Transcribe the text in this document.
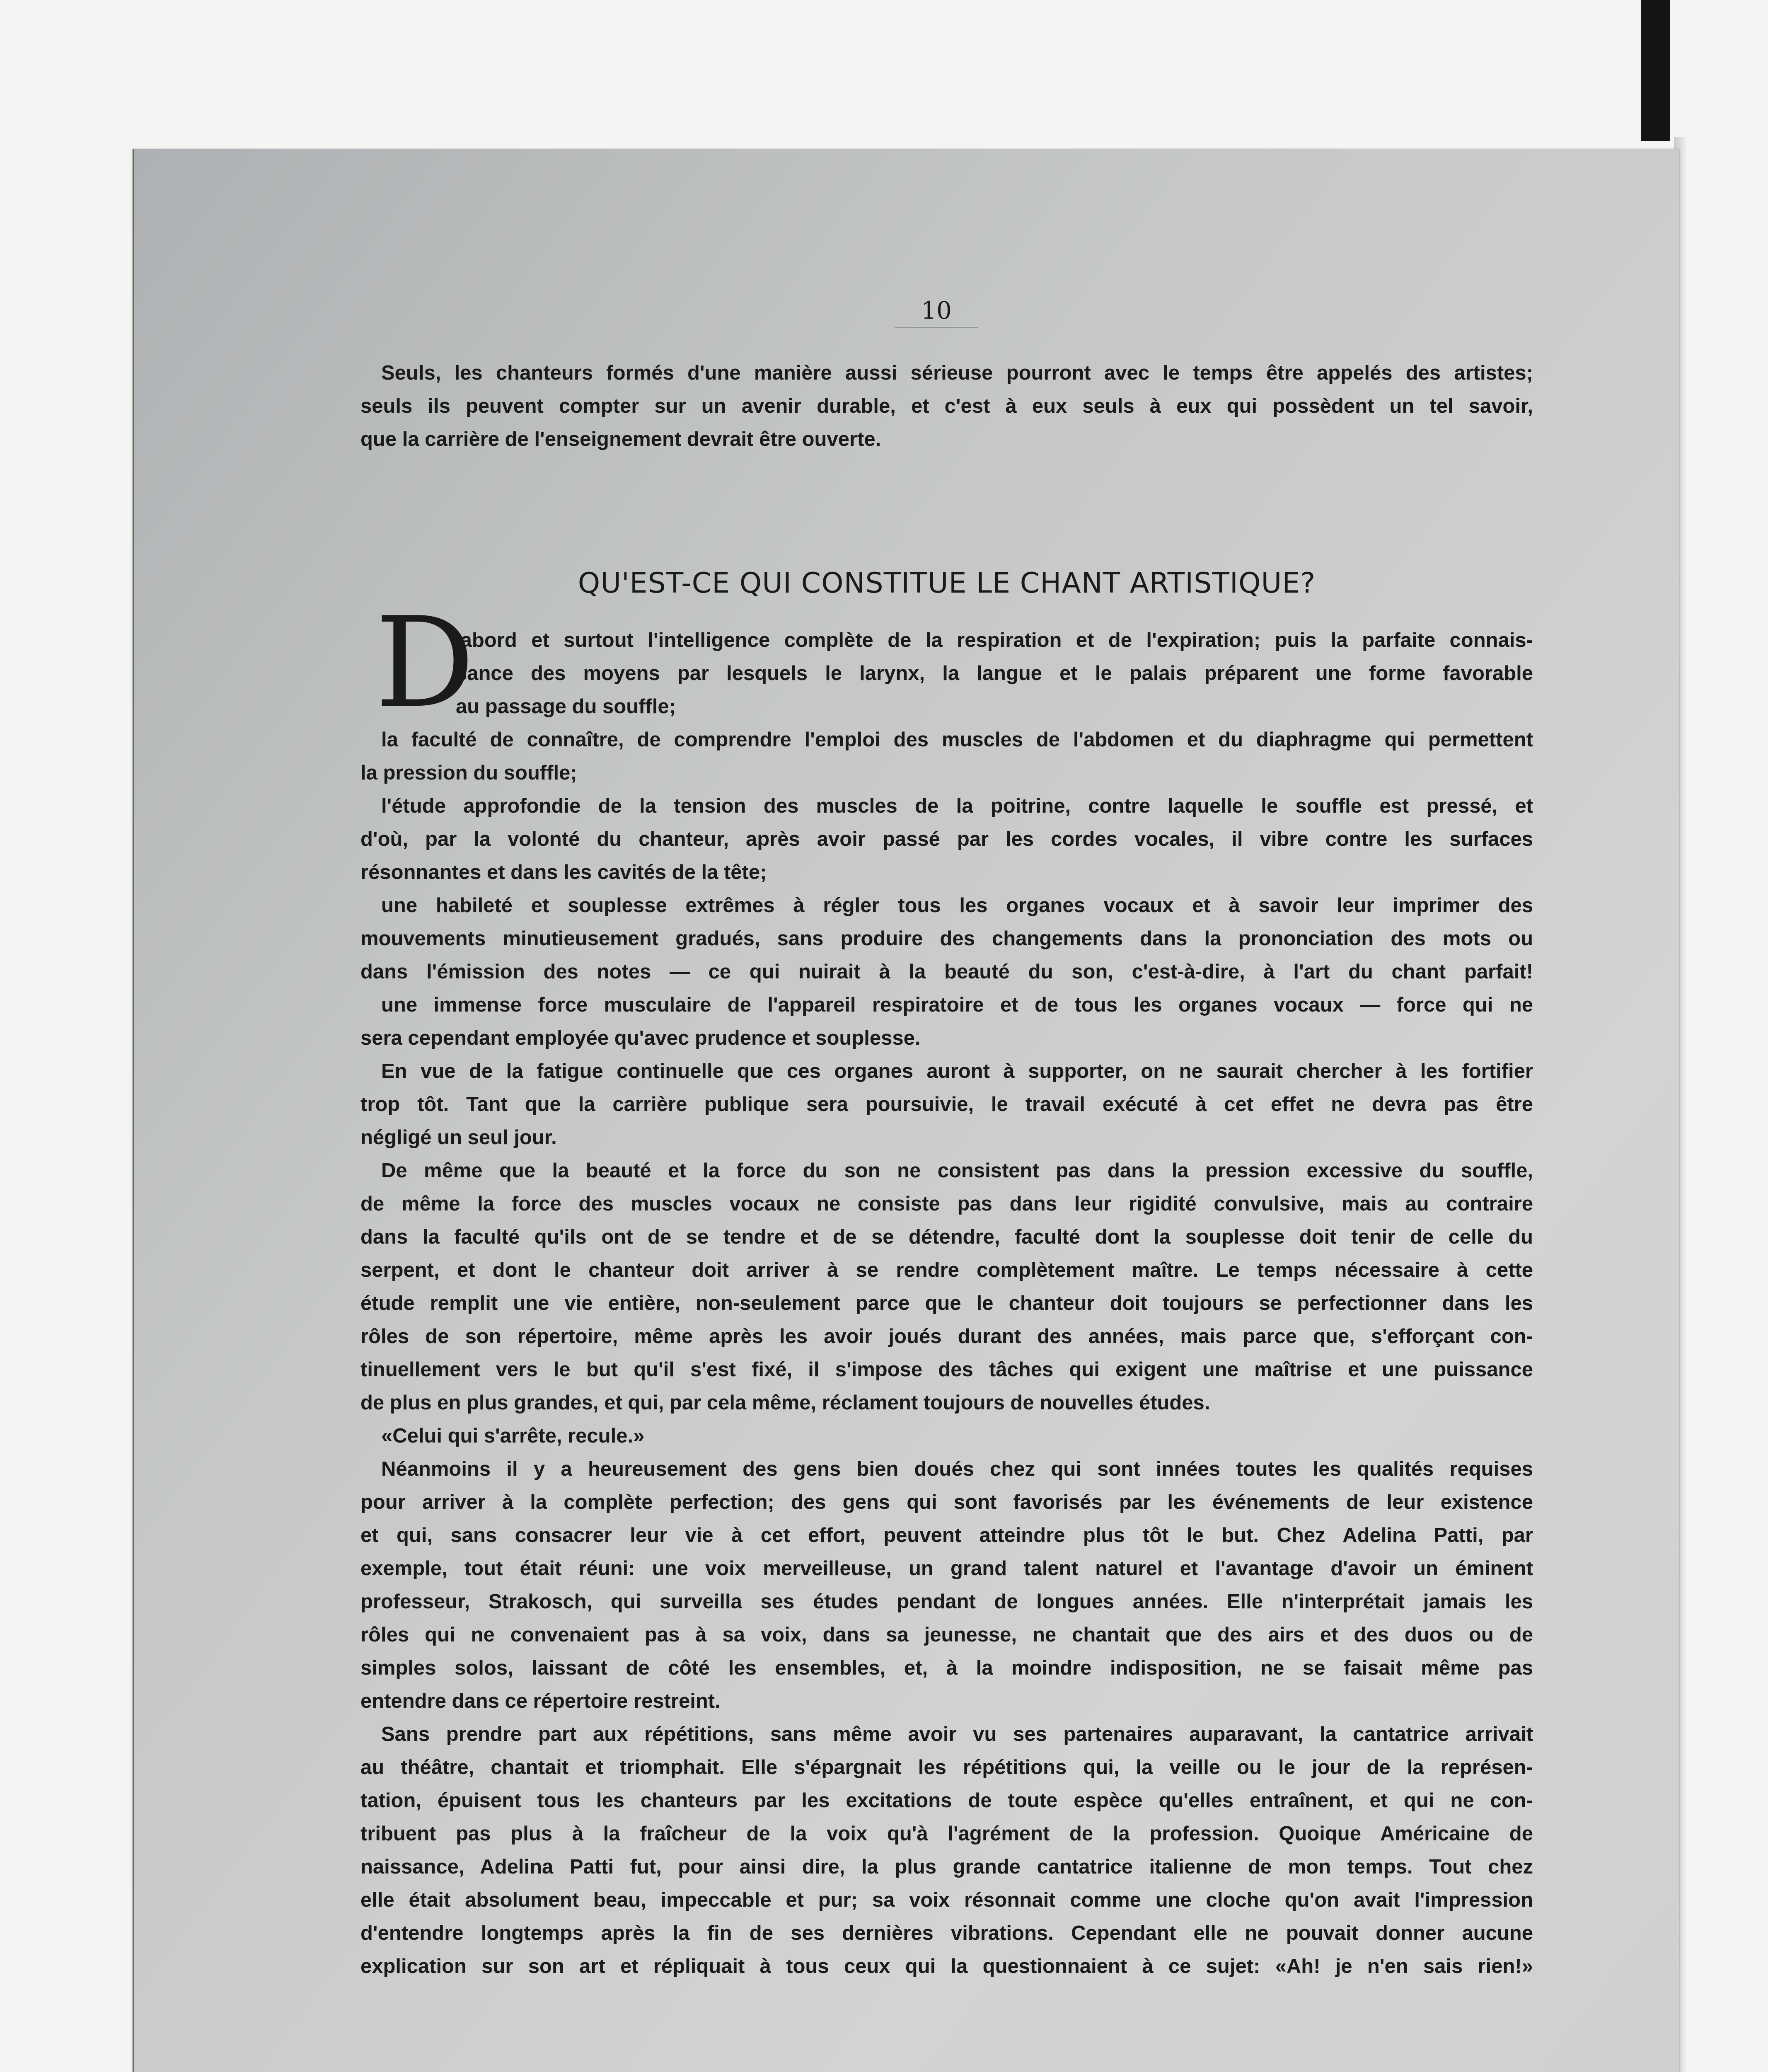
10
Seuls, les chanteurs formés d'une manière aussi sérieuse pourront avec le temps être appelés des artistes;
seuls ils peuvent compter sur un avenir durable, et c'est à eux seuls à eux qui possèdent un tel savoir,
que la carrière de l'enseignement devrait être ouverte.
QU'EST-CE QUI CONSTITUE LE CHANT ARTISTIQUE?
D
'abord et surtout l'intelligence complète de la respiration et de l'expiration; puis la parfaite connais-
sance des moyens par lesquels le larynx, la langue et le palais préparent une forme favorable
au passage du souffle;
la faculté de connaître, de comprendre l'emploi des muscles de l'abdomen et du diaphragme qui permettent
la pression du souffle;
l'étude approfondie de la tension des muscles de la poitrine, contre laquelle le souffle est pressé, et
d'où, par la volonté du chanteur, après avoir passé par les cordes vocales, il vibre contre les surfaces
résonnantes et dans les cavités de la tête;
une habileté et souplesse extrêmes à régler tous les organes vocaux et à savoir leur imprimer des
mouvements minutieusement gradués, sans produire des changements dans la prononciation des mots ou
dans l'émission des notes — ce qui nuirait à la beauté du son, c'est-à-dire, à l'art du chant parfait!
une immense force musculaire de l'appareil respiratoire et de tous les organes vocaux — force qui ne
sera cependant employée qu'avec prudence et souplesse.
En vue de la fatigue continuelle que ces organes auront à supporter, on ne saurait chercher à les fortifier
trop tôt. Tant que la carrière publique sera poursuivie, le travail exécuté à cet effet ne devra pas être
négligé un seul jour.
De même que la beauté et la force du son ne consistent pas dans la pression excessive du souffle,
de même la force des muscles vocaux ne consiste pas dans leur rigidité convulsive, mais au contraire
dans la faculté qu'ils ont de se tendre et de se détendre, faculté dont la souplesse doit tenir de celle du
serpent, et dont le chanteur doit arriver à se rendre complètement maître. Le temps nécessaire à cette
étude remplit une vie entière, non-seulement parce que le chanteur doit toujours se perfectionner dans les
rôles de son répertoire, même après les avoir joués durant des années, mais parce que, s'efforçant con-
tinuellement vers le but qu'il s'est fixé, il s'impose des tâches qui exigent une maîtrise et une puissance
de plus en plus grandes, et qui, par cela même, réclament toujours de nouvelles études.
«Celui qui s'arrête, recule.»
Néanmoins il y a heureusement des gens bien doués chez qui sont innées toutes les qualités requises
pour arriver à la complète perfection; des gens qui sont favorisés par les événements de leur existence
et qui, sans consacrer leur vie à cet effort, peuvent atteindre plus tôt le but. Chez Adelina Patti, par
exemple, tout était réuni: une voix merveilleuse, un grand talent naturel et l'avantage d'avoir un éminent
professeur, Strakosch, qui surveilla ses études pendant de longues années. Elle n'interprétait jamais les
rôles qui ne convenaient pas à sa voix, dans sa jeunesse, ne chantait que des airs et des duos ou de
simples solos, laissant de côté les ensembles, et, à la moindre indisposition, ne se faisait même pas
entendre dans ce répertoire restreint.
Sans prendre part aux répétitions, sans même avoir vu ses partenaires auparavant, la cantatrice arrivait
au théâtre, chantait et triomphait. Elle s'épargnait les répétitions qui, la veille ou le jour de la représen-
tation, épuisent tous les chanteurs par les excitations de toute espèce qu'elles entraînent, et qui ne con-
tribuent pas plus à la fraîcheur de la voix qu'à l'agrément de la profession. Quoique Américaine de
naissance, Adelina Patti fut, pour ainsi dire, la plus grande cantatrice italienne de mon temps. Tout chez
elle était absolument beau, impeccable et pur; sa voix résonnait comme une cloche qu'on avait l'impression
d'entendre longtemps après la fin de ses dernières vibrations. Cependant elle ne pouvait donner aucune
explication sur son art et répliquait à tous ceux qui la questionnaient à ce sujet: «Ah! je n'en sais rien!»
